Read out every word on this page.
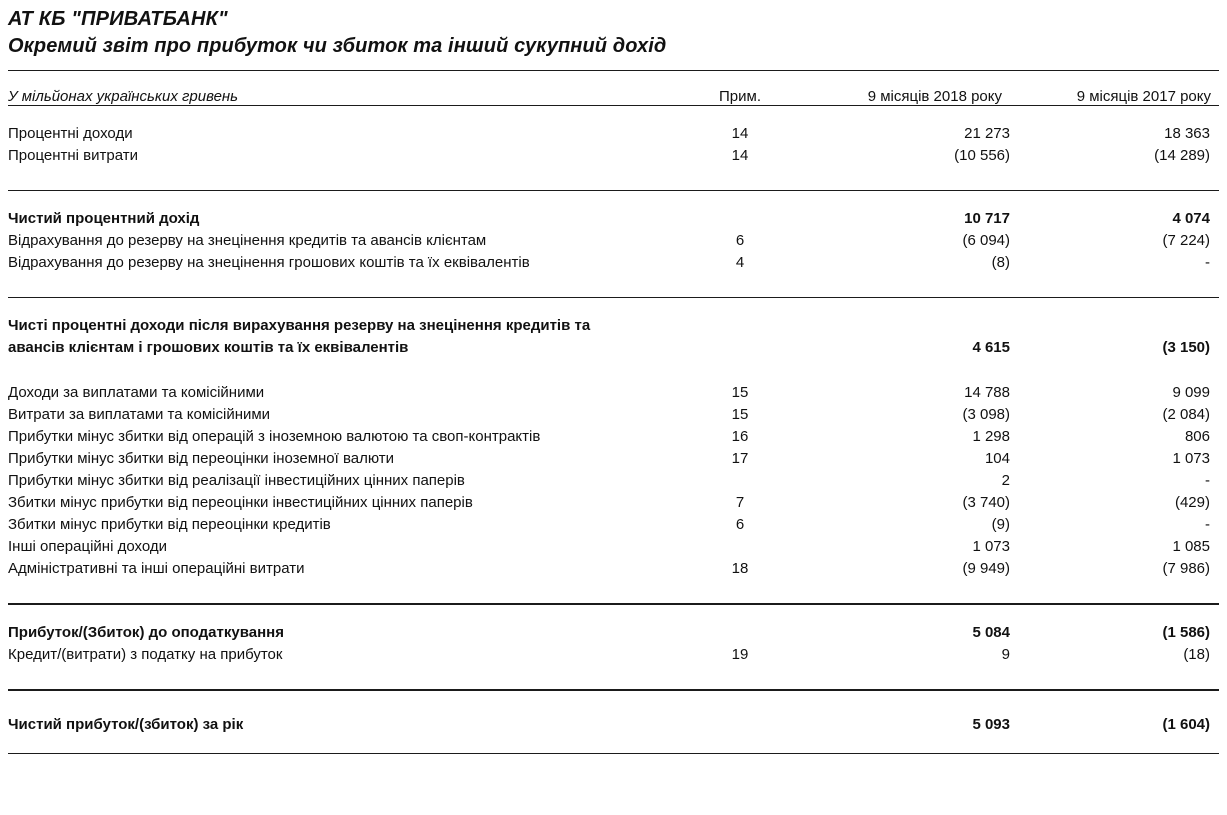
АТ КБ "ПРИВАТБАНК"
Окремий звіт про прибуток чи збиток та інший сукупний дохід

У мільйонах українських гривень	Прим.	9 місяців 2018 року	9 місяців 2017 року

Процентні доходи	14	21 273	18 363
Процентні витрати	14	(10 556)	(14 289)

Чистий процентний дохід		10 717	4 074
Відрахування до резерву на знецінення кредитів та авансів клієнтам	6	(6 094)	(7 224)
Відрахування до резерву на знецінення грошових коштів та їх еквівалентів	4	(8)	-

Чисті процентні доходи після вирахування резерву на знецінення кредитів та			
авансів клієнтам і грошових коштів та їх еквівалентів		4 615	(3 150)

Доходи за виплатами та комісійними	15	14 788	9 099
Витрати за виплатами та комісійними	15	(3 098)	(2 084)
Прибутки мінус збитки від операцій з іноземною валютою та своп-контрактів	16	1 298	806
Прибутки мінус збитки від переоцінки іноземної валюти	17	104	1 073
Прибутки мінус збитки від реалізації інвестиційних цінних паперів		2	-
Збитки мінус прибутки від переоцінки інвестиційних цінних паперів	7	(3 740)	(429)
Збитки мінус прибутки від переоцінки кредитів	6	(9)	-
Інші операційні доходи		1 073	1 085
Адміністративні та інші операційні витрати	18	(9 949)	(7 986)

Прибуток/(Збиток) до оподаткування		5 084	(1 586)
Кредит/(витрати) з податку на прибуток	19	9	(18)

Чистий прибуток/(збиток) за рік		5 093	(1 604)
